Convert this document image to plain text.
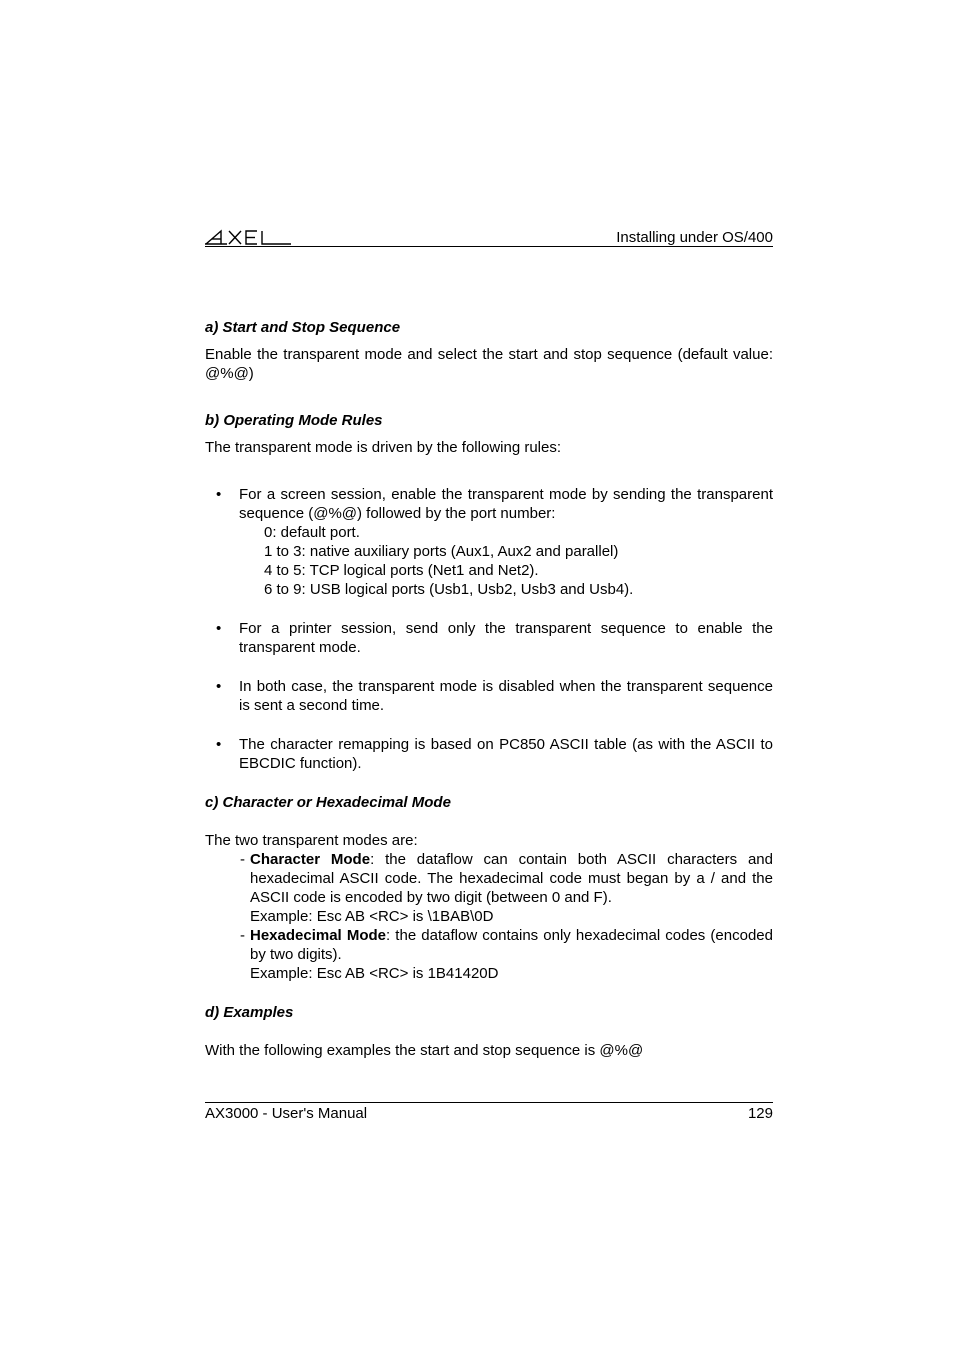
Installing under OS/400

a) Start and Stop Sequence

Enable the transparent mode and select the start and stop sequence (default value: @%@)

b) Operating Mode Rules

The transparent mode is driven by the following rules:

• For a screen session, enable the transparent mode by sending the transparent sequence (@%@) followed by the port number:
0: default port.
1 to 3: native auxiliary ports (Aux1, Aux2 and parallel)
4 to 5: TCP logical ports (Net1 and Net2).
6 to 9: USB logical ports (Usb1, Usb2, Usb3 and Usb4).
• For a printer session, send only the transparent sequence to enable the transparent mode.
• In both case, the transparent mode is disabled when the transparent sequence is sent a second time.
• The character remapping is based on PC850 ASCII table (as with the ASCII to EBCDIC function).

c) Character or Hexadecimal Mode

The two transparent modes are:

- Character Mode: the dataflow can contain both ASCII characters and hexadecimal ASCII code. The hexadecimal code must began by a / and the ASCII code is encoded by two digit (between 0 and F).
Example: Esc AB <RC> is \1BAB\0D
- Hexadecimal Mode: the dataflow contains only hexadecimal codes (encoded by two digits).
Example: Esc AB <RC> is 1B41420D

d) Examples

With the following examples the start and stop sequence is @%@

AX3000 - User's Manual	129
